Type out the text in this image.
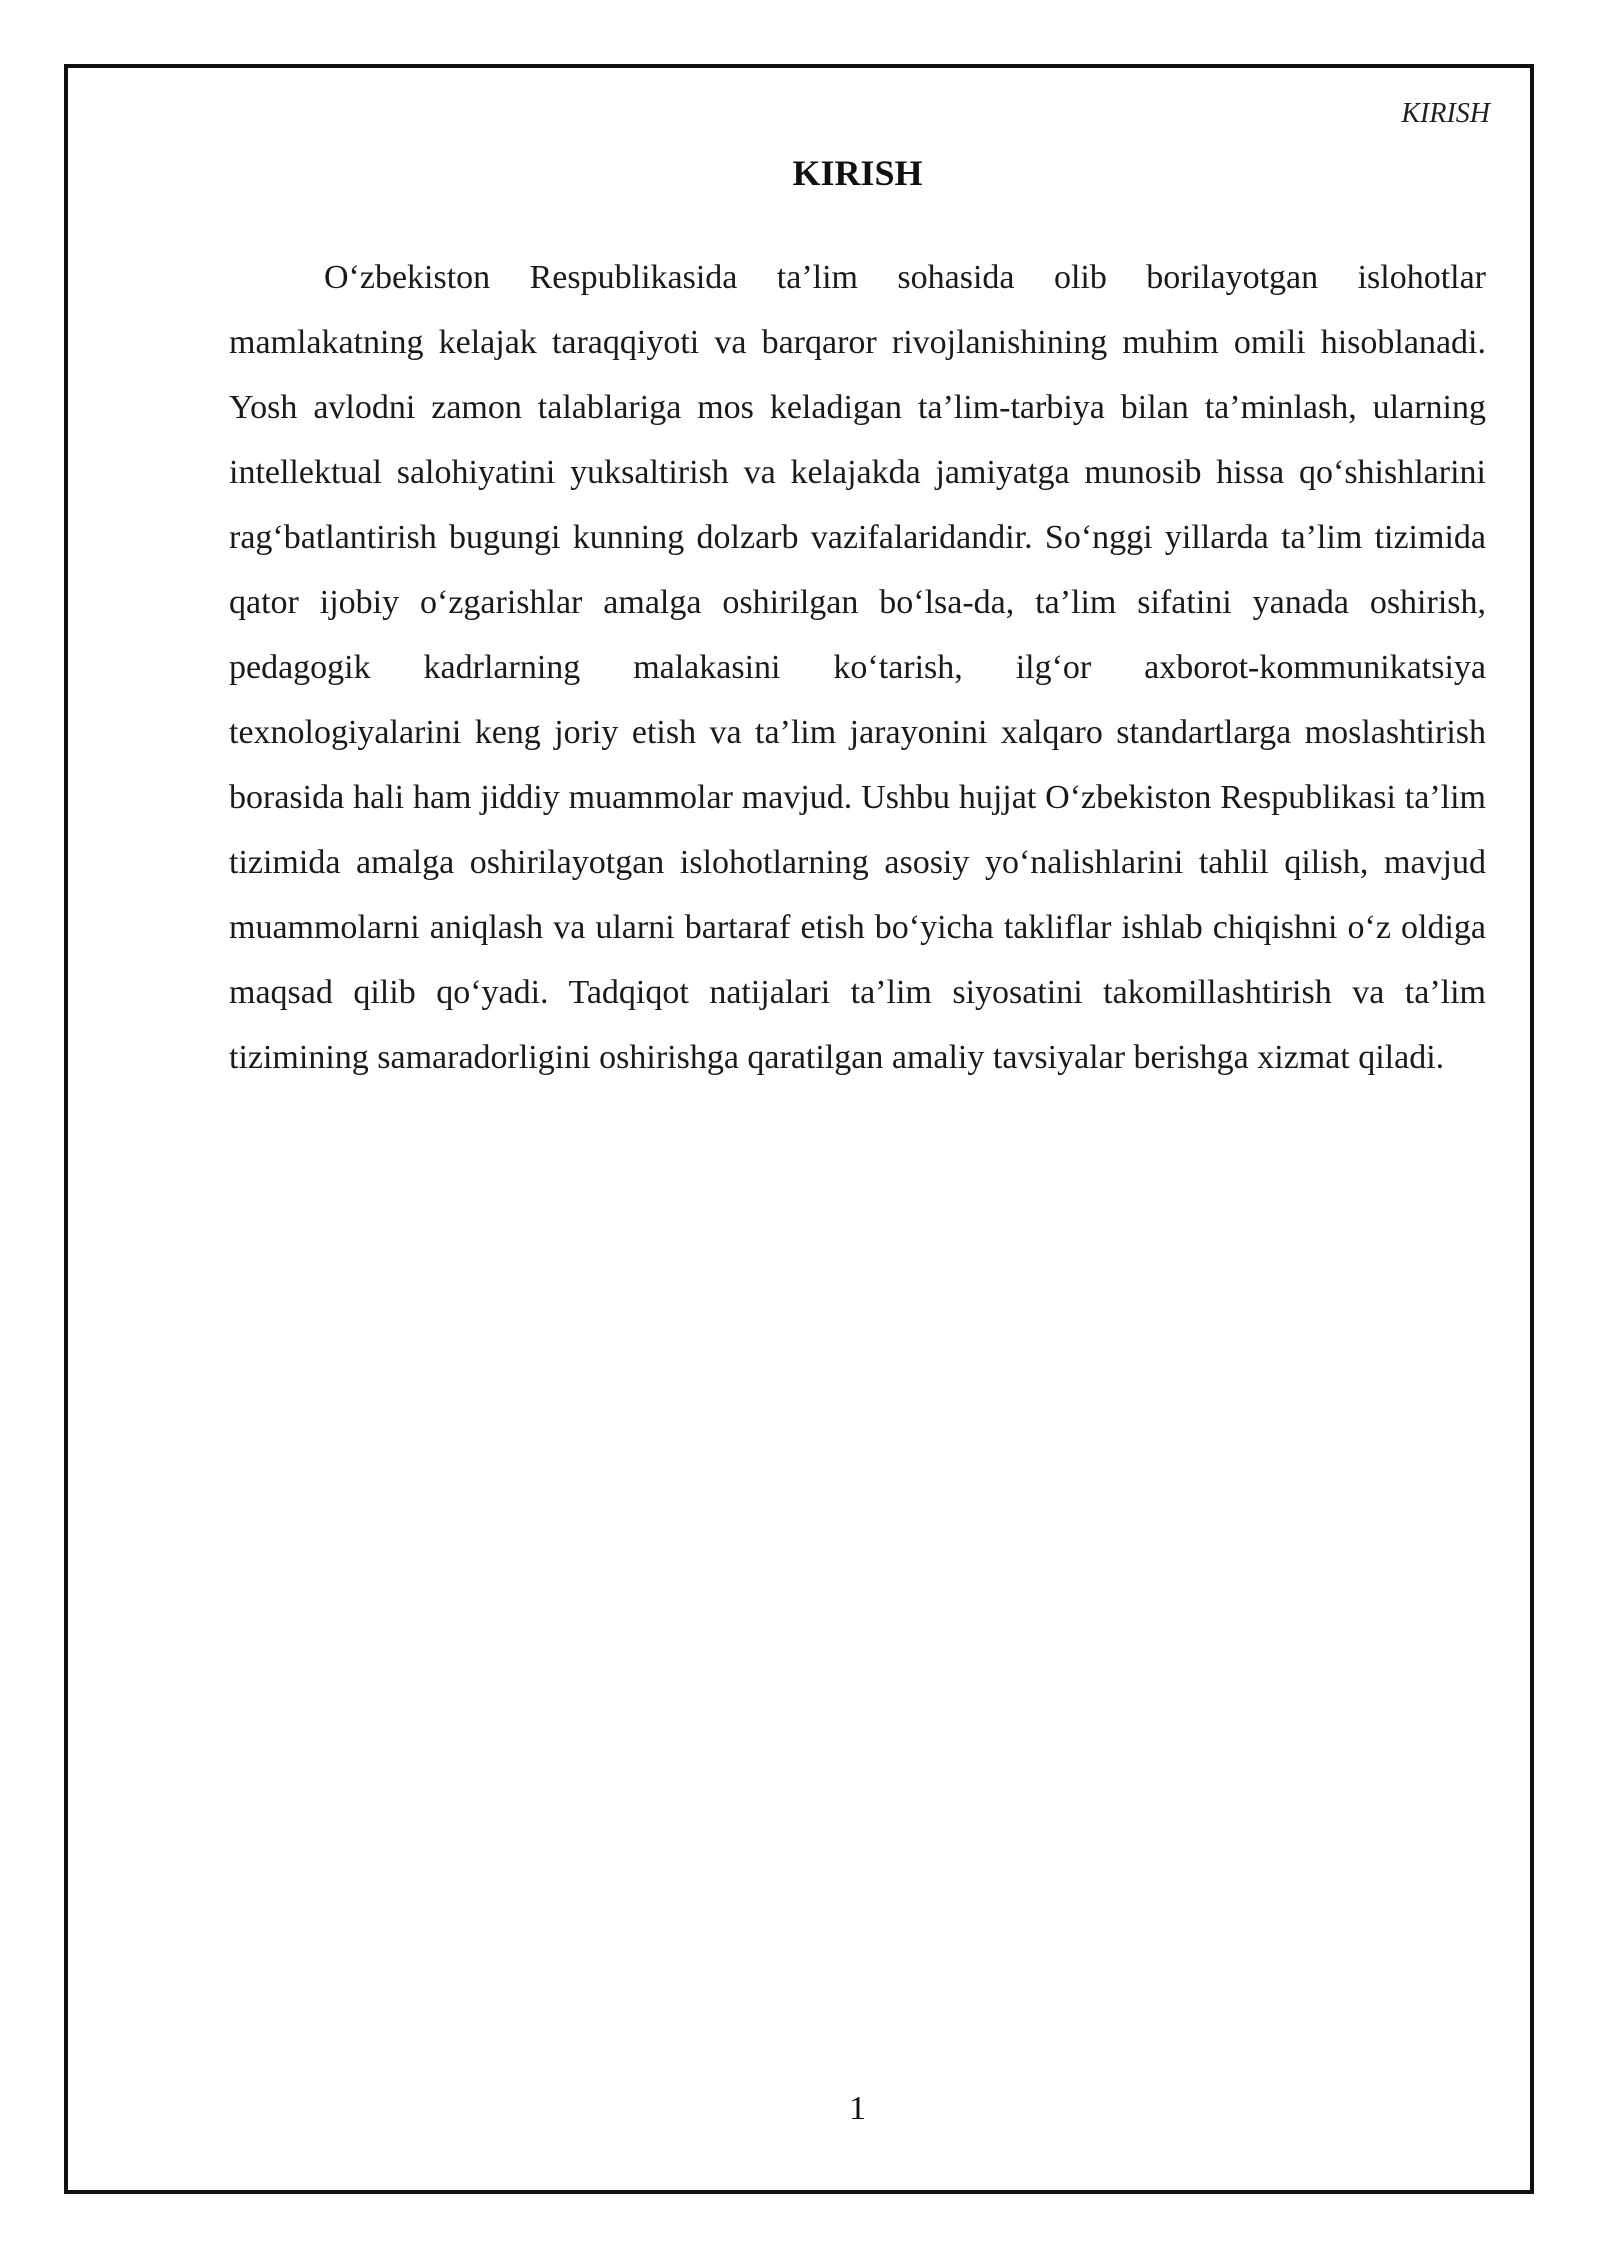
KIRISH
KIRISH

O‘zbekiston Respublikasida ta’lim sohasida olib borilayotgan islohotlar mamlakatning kelajak taraqqiyoti va barqaror rivojlanishining muhim omili hisoblanadi. Yosh avlodni zamon talablariga mos keladigan ta’lim-tarbiya bilan ta’minlash, ularning intellektual salohiyatini yuksaltirish va kelajakda jamiyatga munosib hissa qo‘shishlarini rag‘batlantirish bugungi kunning dolzarb vazifalaridandir. So‘nggi yillarda ta’lim tizimida qator ijobiy o‘zgarishlar amalga oshirilgan bo‘lsa-da, ta’lim sifatini yanada oshirish, pedagogik kadrlarning malakasini ko‘tarish, ilg‘or axborot-kommunikatsiya texnologiyalarini keng joriy etish va ta’lim jarayonini xalqaro standartlarga moslashtirish borasida hali ham jiddiy muammolar mavjud. Ushbu hujjat O‘zbekiston Respublikasi ta’lim tizimida amalga oshirilayotgan islohotlarning asosiy yo‘nalishlarini tahlil qilish, mavjud muammolarni aniqlash va ularni bartaraf etish bo‘yicha takliflar ishlab chiqishni o‘z oldiga maqsad qilib qo‘yadi. Tadqiqot natijalari ta’lim siyosatini takomillashtirish va ta’lim tizimining samaradorligini oshirishga qaratilgan amaliy tavsiyalar berishga xizmat qiladi.

1
